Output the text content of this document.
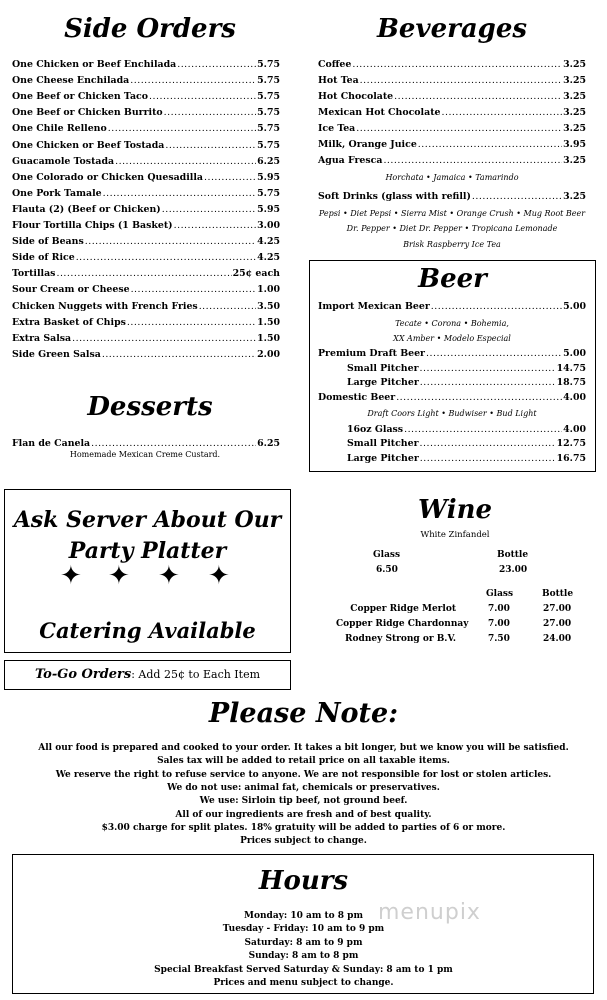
Side Orders
One Chicken or Beef Enchilada .....	5.75
One Cheese Enchilada .....	5.75
One Beef or Chicken Taco .....	5.75
One Beef or Chicken Burrito .....	5.75
One Chile Relleno .....	5.75
One Chicken or Beef Tostada .....	5.75
Guacamole Tostada .....	6.25
One Colorado or Chicken Quesadilla .....	5.95
One Pork Tamale .....	5.75
Flauta (2) (Beef or Chicken) .....	5.95
Flour Tortilla Chips (1 Basket) .....	3.00
Side of Beans .....	4.25
Side of Rice .....	4.25
Tortillas .....	25¢ each
Sour Cream or Cheese .....	1.00
Chicken Nuggets with French Fries .....	3.50
Extra Basket of Chips .....	1.50
Extra Salsa .....	1.50
Side Green Salsa .....	2.00
Desserts
Flan de Canela .....	6.25
Homemade Mexican Creme Custard.
Beverages
Coffee .....	3.25
Hot Tea .....	3.25
Hot Chocolate .....	3.25
Mexican Hot Chocolate .....	3.25
Ice Tea .....	3.25
Milk, Orange Juice .....	3.95
Agua Fresca .....	3.25
Horchata • Jamaica • Tamarindo
Soft Drinks (glass with refill) .....	3.25
Pepsi • Diet Pepsi • Sierra Mist • Orange Crush • Mug Root Beer
Dr. Pepper • Diet Dr. Pepper • Tropicana Lemonade
Brisk Raspberry Ice Tea
Beer
Import Mexican Beer .....	5.00
Tecate • Corona • Bohemia,
XX Amber • Modelo Especial
Premium Draft Beer .....	5.00
Small Pitcher .....	14.75
Large Pitcher .....	18.75
Domestic Beer .....	4.00
Draft Coors Light • Budwiser • Bud Light
16oz Glass .....	4.00
Small Pitcher .....	12.75
Large Pitcher .....	16.75
Ask Server About Our
Party Platter
✦ ✦ ✦ ✦
Catering Available
To-Go Orders: Add 25¢ to Each Item
Wine
White Zinfandel
Glass	Bottle
6.50	23.00
Glass	Bottle
Copper Ridge Merlot	7.00	27.00
Copper Ridge Chardonnay 7.00	27.00
Rodney Strong or B.V.	7.50	24.00
Please Note:
All our food is prepared and cooked to your order. It takes a bit longer, but we know you will be satisfied.
Sales tax will be added to retail price on all taxable items.
We reserve the right to refuse service to anyone. We are not responsible for lost or stolen articles.
We do not use: animal fat, chemicals or preservatives.
We use: Sirloin tip beef, not ground beef.
All of our ingredients are fresh and of best quality.
$3.00 charge for split plates. 18% gratuity will be added to parties of 6 or more.
Prices subject to change.
Hours
menupix
Monday: 10 am to 8 pm
Tuesday - Friday: 10 am to 9 pm
Saturday: 8 am to 9 pm
Sunday: 8 am to 8 pm
Special Breakfast Served Saturday & Sunday: 8 am to 1 pm
Prices and menu subject to change.
